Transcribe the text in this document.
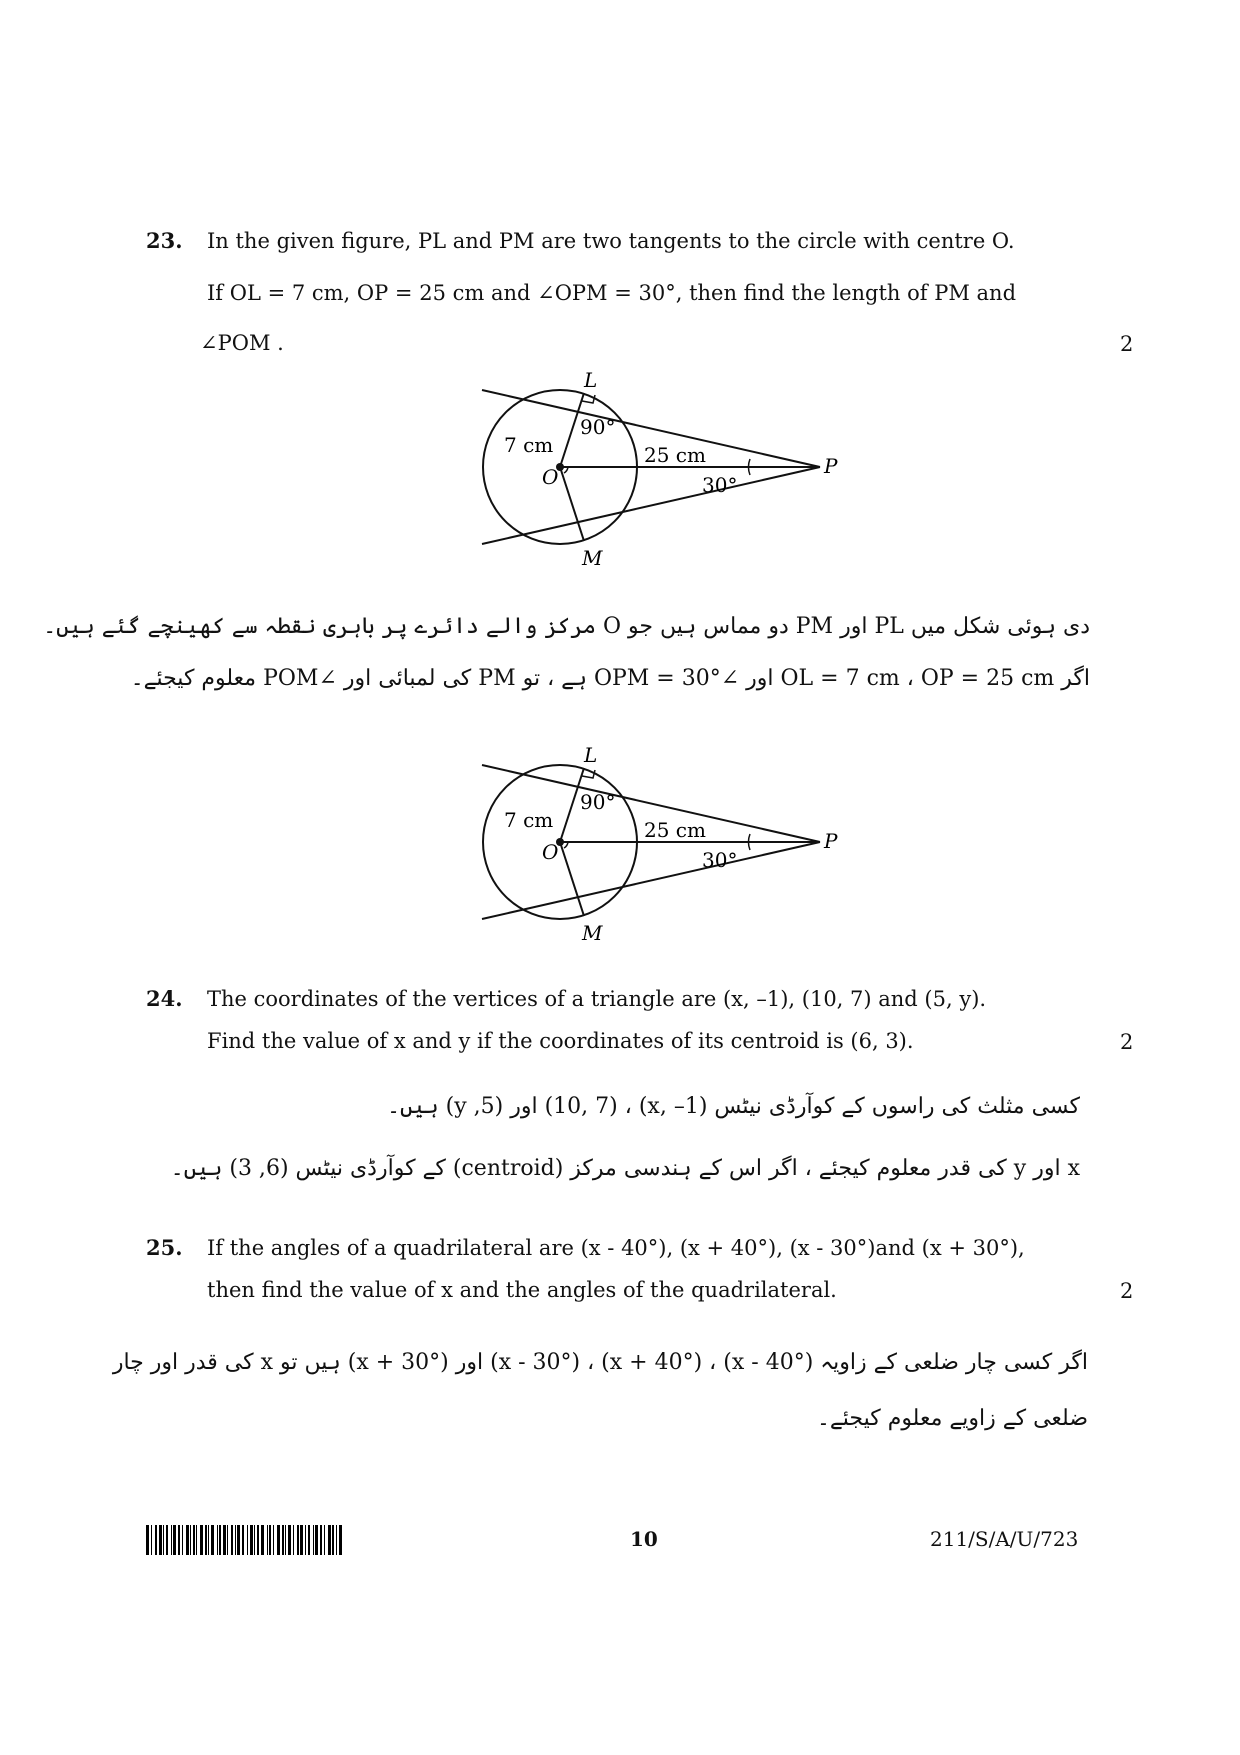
23. In the given figure, PL and PM are two tangents to the circle with centre O.
If OL = 7 cm, OP = 25 cm and ∠OPM = 30°, then find the length of PM and
∠POM .	2
L
M
O	P
7 cm	25 cm
30°
90°
دی ہوئی شکل میں PL اور PM دو مماس ہیں جو O مرکز والے دائرے پر باہری نقطہ سے کھینچے گئے ہیں۔
اگر OL = 7 cm ، OP = 25 cm اور ∠OPM = 30° ہے ، تو PM کی لمبائی اور ∠POM معلوم کیجئے۔
L
M
O	P
7 cm	25 cm
30°
90°
24. The coordinates of the vertices of a triangle are (x, –1), (10, 7) and (5, y).
Find the value of x and y if the coordinates of its centroid is (6, 3).	2
کسی مثلث کی راسوں کے کوآرڈی نیٹس (x, –1) ، (10, 7) اور (5, y) ہیں۔
x اور y کی قدر معلوم کیجئے ، اگر اس کے ہندسی مرکز (centroid) کے کوآرڈی نیٹس (6, 3) ہیں۔
25. If the angles of a quadrilateral are (x - 40°), (x + 40°), (x - 30°)and (x + 30°),
then find the value of x and the angles of the quadrilateral.	2
اگر کسی چار ضلعی کے زاویہ (x - 40°) ، (x + 40°) ، (x - 30°) اور (x + 30°) ہیں تو x کی قدر اور چار
ضلعی کے زاویے معلوم کیجئے۔
10	211/S/A/U/723
